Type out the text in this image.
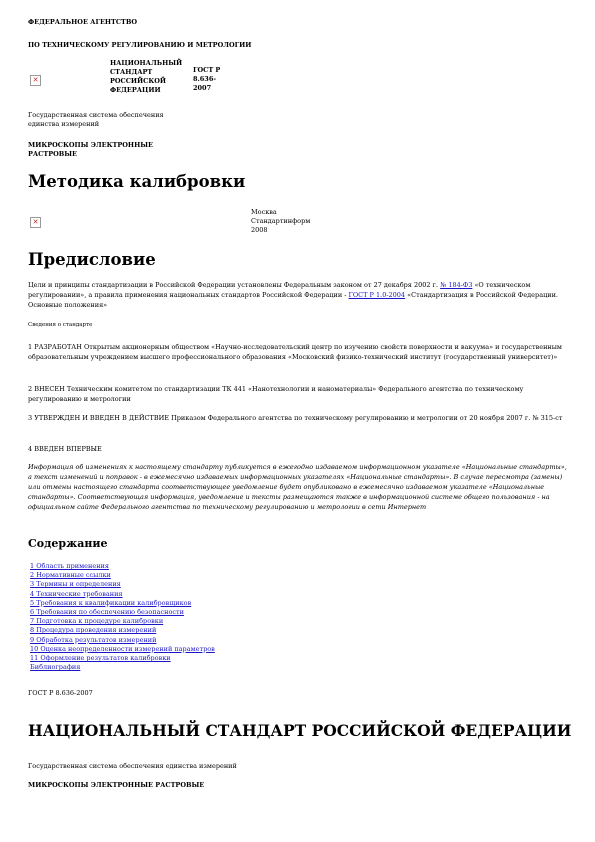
ФЕДЕРАЛЬНОЕ АГЕНТСТВО
ПО ТЕХНИЧЕСКОМУ РЕГУЛИРОВАНИЮ И МЕТРОЛОГИИ
✕
НАЦИОНАЛЬНЫЙ
СТАНДАРТ
РОССИЙСКОЙ
ФЕДЕРАЦИИ
ГОСТ Р
8.636-
2007
Государственная система обеспечения
единства измерений
МИКРОСКОПЫ ЭЛЕКТРОННЫЕ
РАСТРОВЫЕ
Методика калибровки
✕
Москва
Стандартинформ
2008
Предисловие
Цели и принципы стандартизации в Российской Федерации установлены Федеральным законом от 27 декабря 2002 г. № 184-ФЗ «О техническом регулировании», а правила применения национальных стандартов Российской Федерации - ГОСТ Р 1.0-2004 «Стандартизация в Российской Федерации. Основные положения»
Сведения о стандарте
1 РАЗРАБОТАН Открытым акционерным обществом «Научно-исследовательский центр по изучению свойств поверхности и вакуума» и государственным образовательным учреждением высшего профессионального образования «Московский физико-технический институт (государственный университет)»
2 ВНЕСЕН Техническим комитетом по стандартизации ТК 441 «Нанотехнологии и наноматериалы» Федерального агентства по техническому регулированию и метрологии
3 УТВЕРЖДЕН И ВВЕДЕН В ДЕЙСТВИЕ Приказом Федерального агентства по техническому регулированию и метрологии от 20 ноября 2007 г. № 315-ст
4 ВВЕДЕН ВПЕРВЫЕ
Информация об изменениях к настоящему стандарту публикуется в ежегодно издаваемом информационном указателе «Национальные стандарты», а текст изменений и поправок - в ежемесячно издаваемых информационных указателях «Национальные стандарты». В случае пересмотра (замены) или отмены настоящего стандарта соответствующее уведомление будет опубликовано в ежемесячно издаваемом указателе «Национальные стандарты». Соответствующая информация, уведомление и тексты размещаются также в информационной системе общего пользования - на официальном сайте Федерального агентства по техническому регулированию и метрологии в сети Интернет
Содержание
1 Область применения
2 Нормативные ссылки
3 Термины и определения
4 Технические требования
5 Требования к квалификации калибровщиков
6 Требования по обеспечению безопасности
7 Подготовка к процедуре калибровки
8 Процедура проведения измерений
9 Обработка результатов измерений
10 Оценка неопределенности измерений параметров
11 Оформление результатов калибровки
Библиография
ГОСТ Р 8.636-2007
НАЦИОНАЛЬНЫЙ СТАНДАРТ РОССИЙСКОЙ ФЕДЕРАЦИИ
Государственная система обеспечения единства измерений
МИКРОСКОПЫ ЭЛЕКТРОННЫЕ РАСТРОВЫЕ
